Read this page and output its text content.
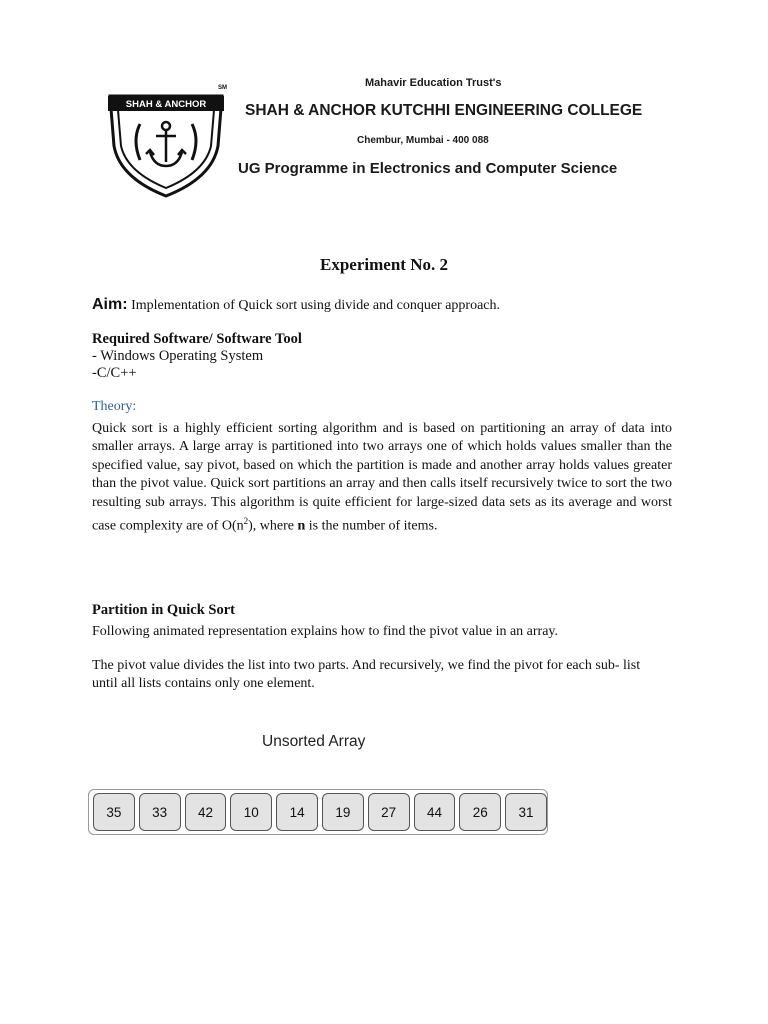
SHAH & ANCHOR
SM	Mahavir Education Trust's
SHAH & ANCHOR KUTCHHI ENGINEERING COLLEGE
Chembur, Mumbai - 400 088
UG Programme in Electronics and Computer Science
Experiment No. 2
Aim: Implementation of Quick sort using divide and conquer approach.
Required Software/ Software Tool
- Windows Operating System
-C/C++
Theory:
Quick sort is a highly efficient sorting algorithm and is based on partitioning an array of data into smaller arrays. A large array is partitioned into two arrays one of which holds values smaller than the specified value, say pivot, based on which the partition is made and another array holds values greater than the pivot value. Quick sort partitions an array and then calls itself recursively twice to sort the two resulting sub arrays. This algorithm is quite efficient for large-sized data sets as its average and worst case complexity are of $O(n^2)$, where n is the number of items.
Partition in Quick Sort
Following animated representation explains how to find the pivot value in an array.
The pivot value divides the list into two parts. And recursively, we find the pivot for each sub- list until all lists contains only one element.
Unsorted Array
35	33	42	10	14	19	27	44	26	31
